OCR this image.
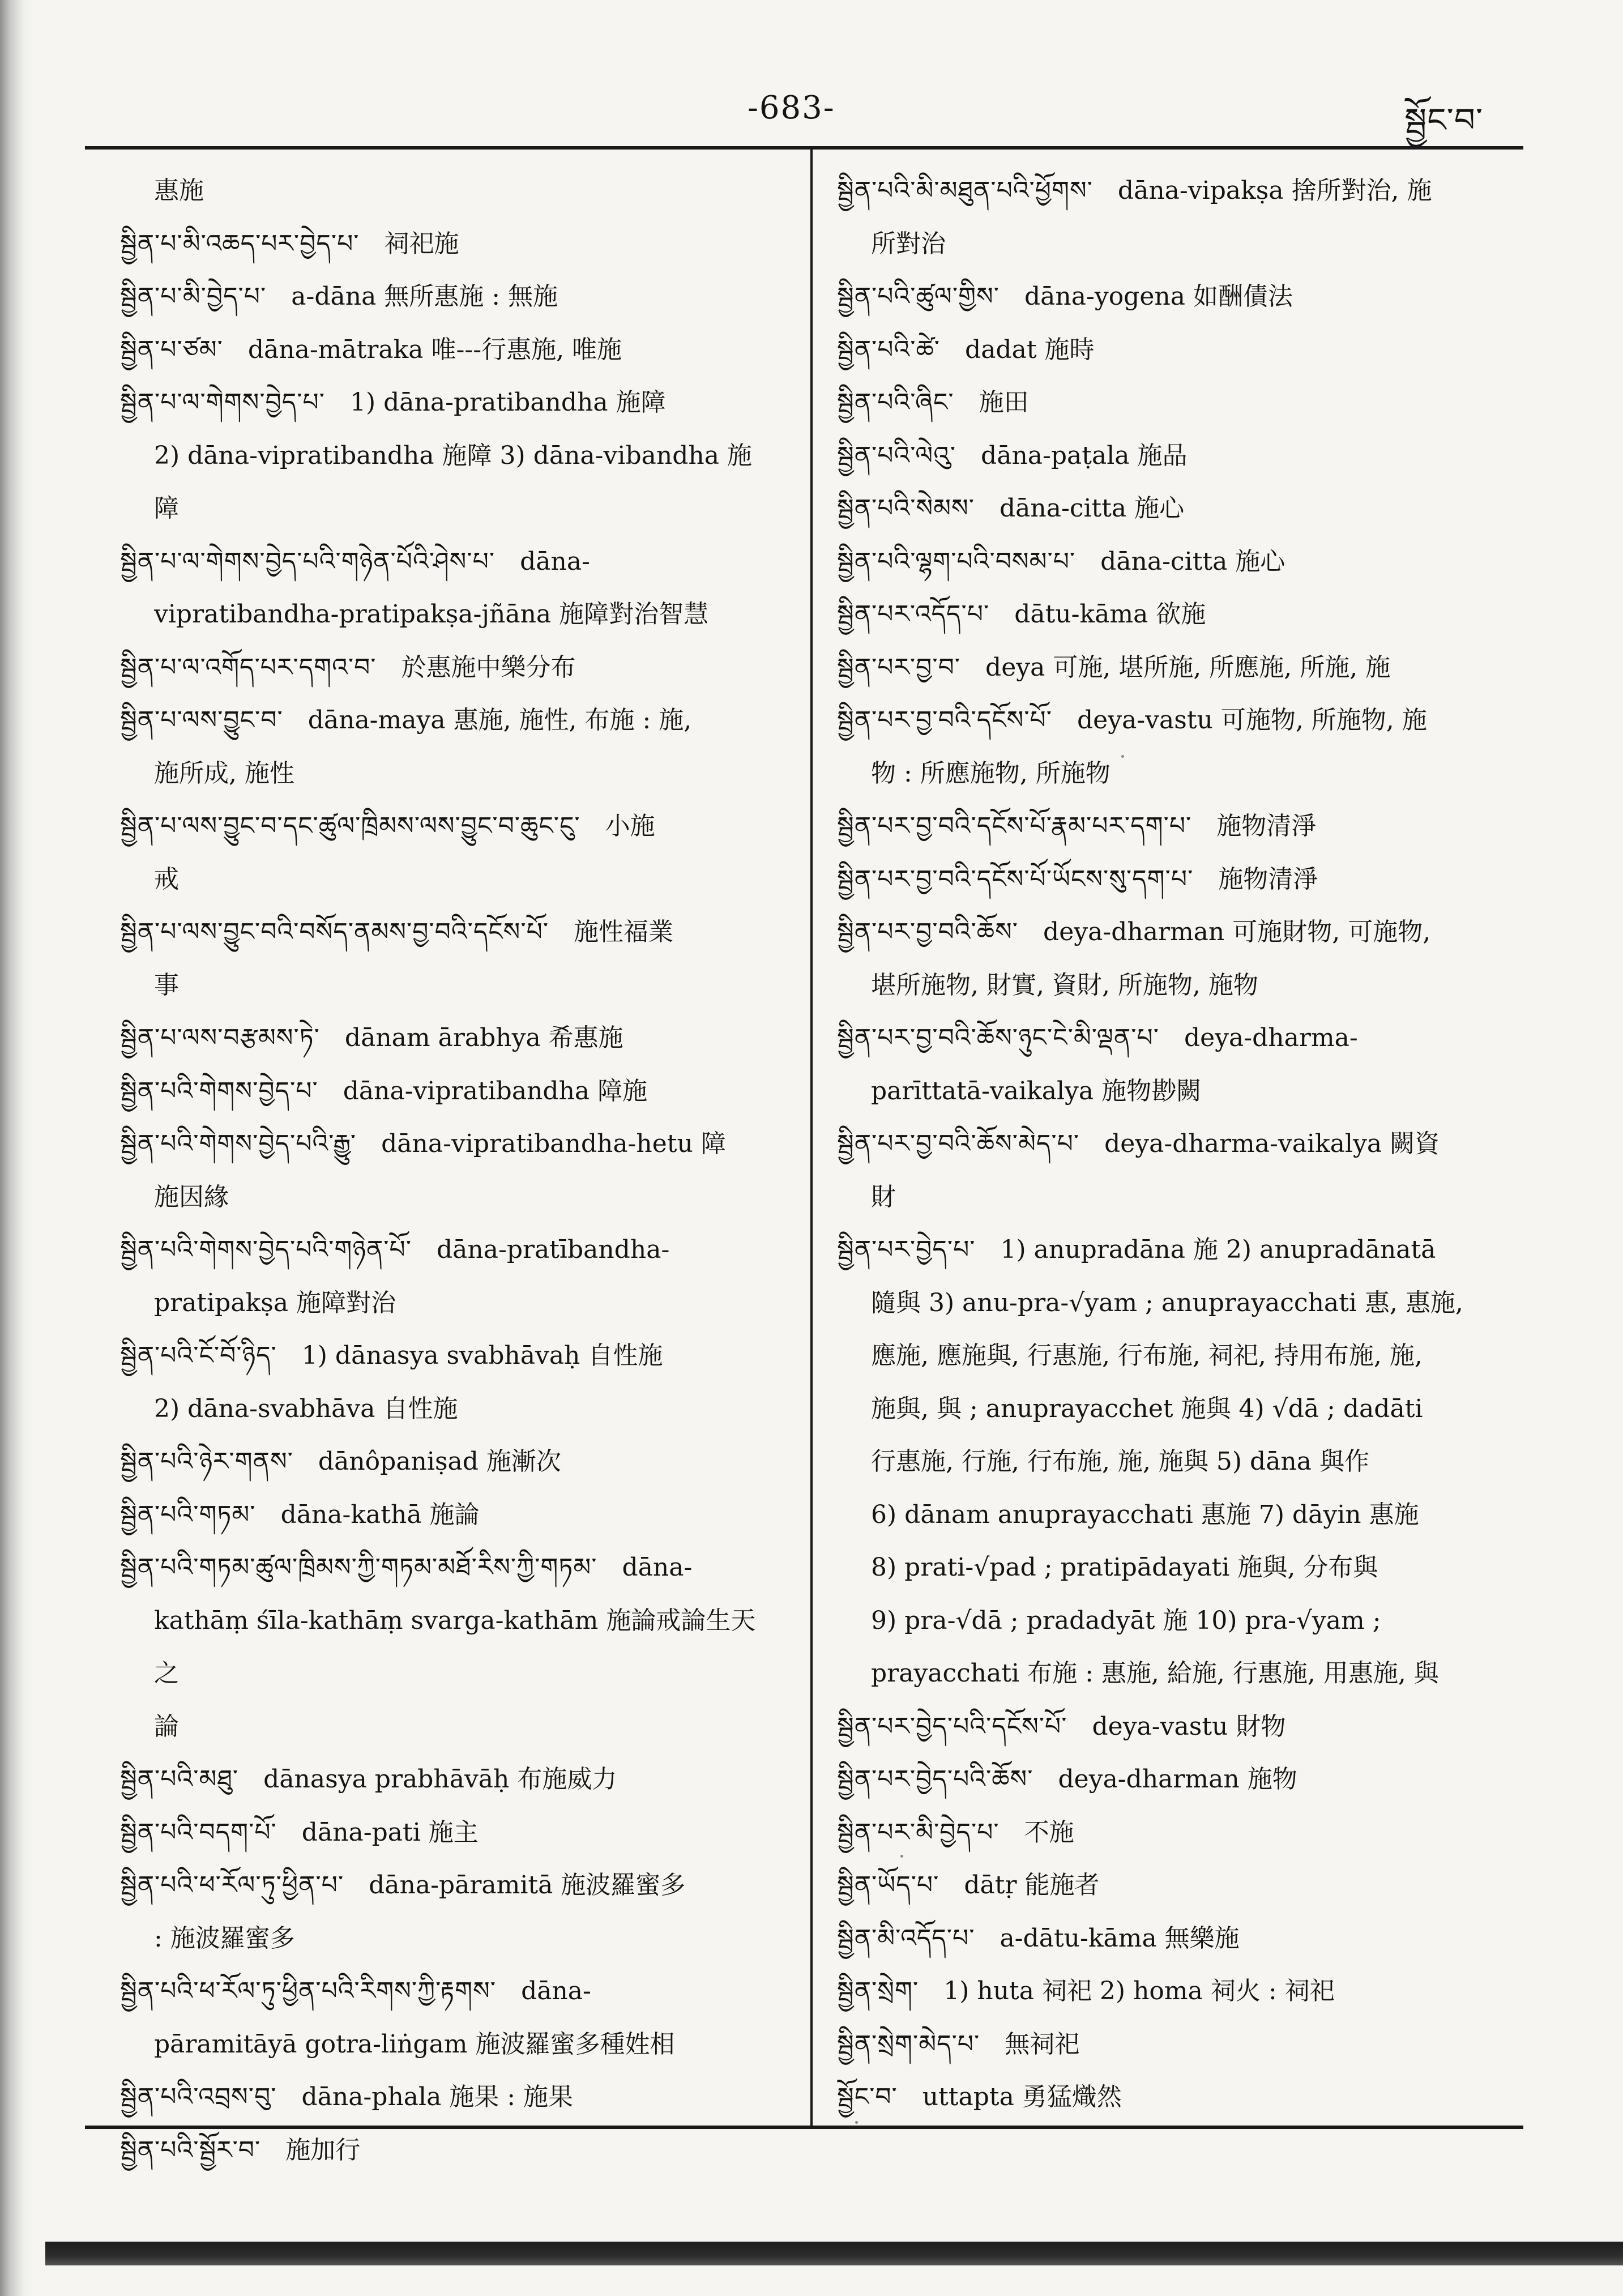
-683-	སྦྱོང་བ་

惠施

སྦྱིན་པ་མི་འཆད་པར་བྱེད་པ་  祠祀施

སྦྱིན་པ་མི་བྱེད་པ་  a-dāna 無所惠施 : 無施

སྦྱིན་པ་ཙམ་  dāna-mātraka 唯---行惠施, 唯施

སྦྱིན་པ་ལ་གེགས་བྱེད་པ་  1) dāna-pratibandha 施障

2) dāna-vipratibandha 施障 3) dāna-vibandha 施

障

སྦྱིན་པ་ལ་གེགས་བྱེད་པའི་གཉེན་པོའི་ཤེས་པ་  dāna-

vipratibandha-pratipakṣa-jñāna 施障對治智慧

སྦྱིན་པ་ལ་འགོད་པར་དགའ་བ་  於惠施中樂分布

སྦྱིན་པ་ལས་བྱུང་བ་  dāna-maya 惠施, 施性, 布施 : 施,

施所成, 施性

སྦྱིན་པ་ལས་བྱུང་བ་དང་ཚུལ་ཁྲིམས་ལས་བྱུང་བ་ཆུང་ངུ་  小施

戒

སྦྱིན་པ་ལས་བྱུང་བའི་བསོད་ནམས་བྱ་བའི་དངོས་པོ་  施性福業

事

སྦྱིན་པ་ལས་བརྩམས་ཏེ་  dānam ārabhya 希惠施

སྦྱིན་པའི་གེགས་བྱེད་པ་  dāna-vipratibandha 障施

སྦྱིན་པའི་གེགས་བྱེད་པའི་རྒྱུ་  dāna-vipratibandha-hetu 障

施因緣

སྦྱིན་པའི་གེགས་བྱེད་པའི་གཉེན་པོ་  dāna-pratībandha-

pratipakṣa 施障對治

སྦྱིན་པའི་ངོ་བོ་ཉིད་  1) dānasya svabhāvaḥ 自性施

2) dāna-svabhāva 自性施

སྦྱིན་པའི་ཉེར་གནས་  dānôpaniṣad 施漸次

སྦྱིན་པའི་གཏམ་  dāna-kathā 施論

སྦྱིན་པའི་གཏམ་ཚུལ་ཁྲིམས་ཀྱི་གཏམ་མཐོ་རིས་ཀྱི་གཏམ་  dāna-

kathāṃ śīla-kathāṃ svarga-kathām 施論戒論生天之

論

སྦྱིན་པའི་མཐུ་  dānasya prabhāvāḥ 布施威力

སྦྱིན་པའི་བདག་པོ་  dāna-pati 施主

སྦྱིན་པའི་ཕ་རོལ་ཏུ་ཕྱིན་པ་  dāna-pāramitā 施波羅蜜多

: 施波羅蜜多

སྦྱིན་པའི་ཕ་རོལ་ཏུ་ཕྱིན་པའི་རིགས་ཀྱི་རྟགས་  dāna-

pāramitāyā gotra-liṅgam 施波羅蜜多種姓相

སྦྱིན་པའི་འབྲས་བུ་  dāna-phala 施果 : 施果

སྦྱིན་པའི་སྦྱོར་བ་  施加行

སྦྱིན་པའི་མི་མཐུན་པའི་ཕྱོགས་  dāna-vipakṣa 捨所對治, 施

所對治

སྦྱིན་པའི་ཚུལ་གྱིས་  dāna-yogena 如酬債法

སྦྱིན་པའི་ཚེ་  dadat 施時

སྦྱིན་པའི་ཞིང་  施田

སྦྱིན་པའི་ལེའུ་  dāna-paṭala 施品

སྦྱིན་པའི་སེམས་  dāna-citta 施心

སྦྱིན་པའི་ལྷག་པའི་བསམ་པ་  dāna-citta 施心

སྦྱིན་པར་འདོད་པ་  dātu-kāma 欲施

སྦྱིན་པར་བྱ་བ་  deya 可施, 堪所施, 所應施, 所施, 施

སྦྱིན་པར་བྱ་བའི་དངོས་པོ་  deya-vastu 可施物, 所施物, 施

物 : 所應施物, 所施物

སྦྱིན་པར་བྱ་བའི་དངོས་པོ་རྣམ་པར་དག་པ་  施物清淨

སྦྱིན་པར་བྱ་བའི་དངོས་པོ་ཡོངས་སུ་དག་པ་  施物清淨

སྦྱིན་པར་བྱ་བའི་ཆོས་  deya-dharman 可施財物, 可施物,

堪所施物, 財實, 資財, 所施物, 施物

སྦྱིན་པར་བྱ་བའི་ཆོས་ཉུང་ངེ་མི་ལྡན་པ་  deya-dharma-

parīttatā-vaikalya 施物尠闕

སྦྱིན་པར་བྱ་བའི་ཆོས་མེད་པ་  deya-dharma-vaikalya 闕資

財

སྦྱིན་པར་བྱེད་པ་  1) anupradāna 施 2) anupradānatā

隨與 3) anu-pra-√yam ; anuprayacchati 惠, 惠施,

應施, 應施與, 行惠施, 行布施, 祠祀, 持用布施, 施,

施與, 與 ; anuprayacchet 施與 4) √dā ; dadāti

行惠施, 行施, 行布施, 施, 施與 5) dāna 與作

6) dānam anuprayacchati 惠施 7) dāyin 惠施

8) prati-√pad ; pratipādayati 施與, 分布與

9) pra-√dā ; pradadyāt 施 10) pra-√yam ;

prayacchati 布施 : 惠施, 給施, 行惠施, 用惠施, 與

སྦྱིན་པར་བྱེད་པའི་དངོས་པོ་  deya-vastu 財物

སྦྱིན་པར་བྱེད་པའི་ཆོས་  deya-dharman 施物

སྦྱིན་པར་མི་བྱེད་པ་  不施

སྦྱིན་ཡོད་པ་  dātṛ 能施者

སྦྱིན་མི་འདོད་པ་  a-dātu-kāma 無樂施

སྦྱིན་སྲེག་  1) huta 祠祀 2) homa 祠火 : 祠祀

སྦྱིན་སྲེག་མེད་པ་  無祠祀

སྦྱོང་བ་  uttapta 勇猛熾然
